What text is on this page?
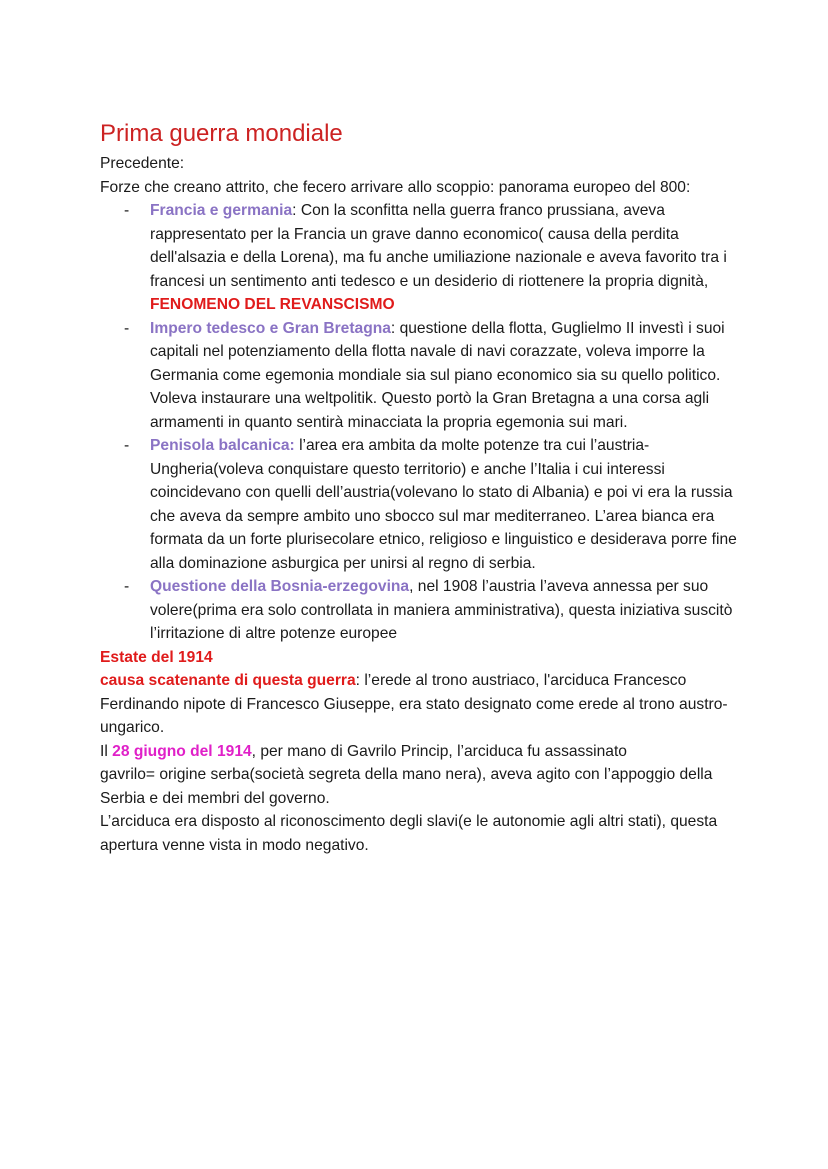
Prima guerra mondiale

Precedente:

Forze che creano attrito, che fecero arrivare allo scoppio: panorama europeo del 800:

- Francia e germania: Con la sconfitta nella guerra franco prussiana, aveva rappresentato per la Francia un grave danno economico( causa della perdita dell'alsazia e della Lorena), ma fu anche umiliazione nazionale e aveva favorito tra i francesi un sentimento anti tedesco e un desiderio di riottenere la propria dignità, FENOMENO DEL REVANSCISMO
- Impero tedesco e Gran Bretagna: questione della flotta, Guglielmo II investì i suoi capitali nel potenziamento della flotta navale di navi corazzate, voleva imporre la Germania come egemonia mondiale sia sul piano economico sia su quello politico. Voleva instaurare una weltpolitik. Questo portò la Gran Bretagna a una corsa agli armamenti in quanto sentirà minacciata la propria egemonia sui mari.
- Penisola balcanica: l’area era ambita da molte potenze tra cui l’austria-Ungheria(voleva conquistare questo territorio) e anche l’Italia i cui interessi coincidevano con quelli dell’austria(volevano lo stato di Albania) e poi vi era la russia che aveva da sempre ambito uno sbocco sul mar mediterraneo. L’area bianca era formata da un forte plurisecolare etnico, religioso e linguistico e desiderava porre fine alla dominazione asburgica per unirsi al regno di serbia.
- Questione della Bosnia-erzegovina, nel 1908 l’austria l’aveva annessa per suo volere(prima era solo controllata in maniera amministrativa), questa iniziativa suscitò l’irritazione di altre potenze europee

Estate del 1914

causa scatenante di questa guerra: l’erede al trono austriaco, l'arciduca Francesco Ferdinando nipote di Francesco Giuseppe, era stato designato come erede al trono austro- ungarico.

Il 28 giugno del 1914, per mano di Gavrilo Princip, l’arciduca fu assassinato

gavrilo= origine serba(società segreta della mano nera), aveva agito con l’appoggio della Serbia e dei membri del governo.

L’arciduca era disposto al riconoscimento degli slavi(e le autonomie agli altri stati), questa apertura venne vista in modo negativo.
